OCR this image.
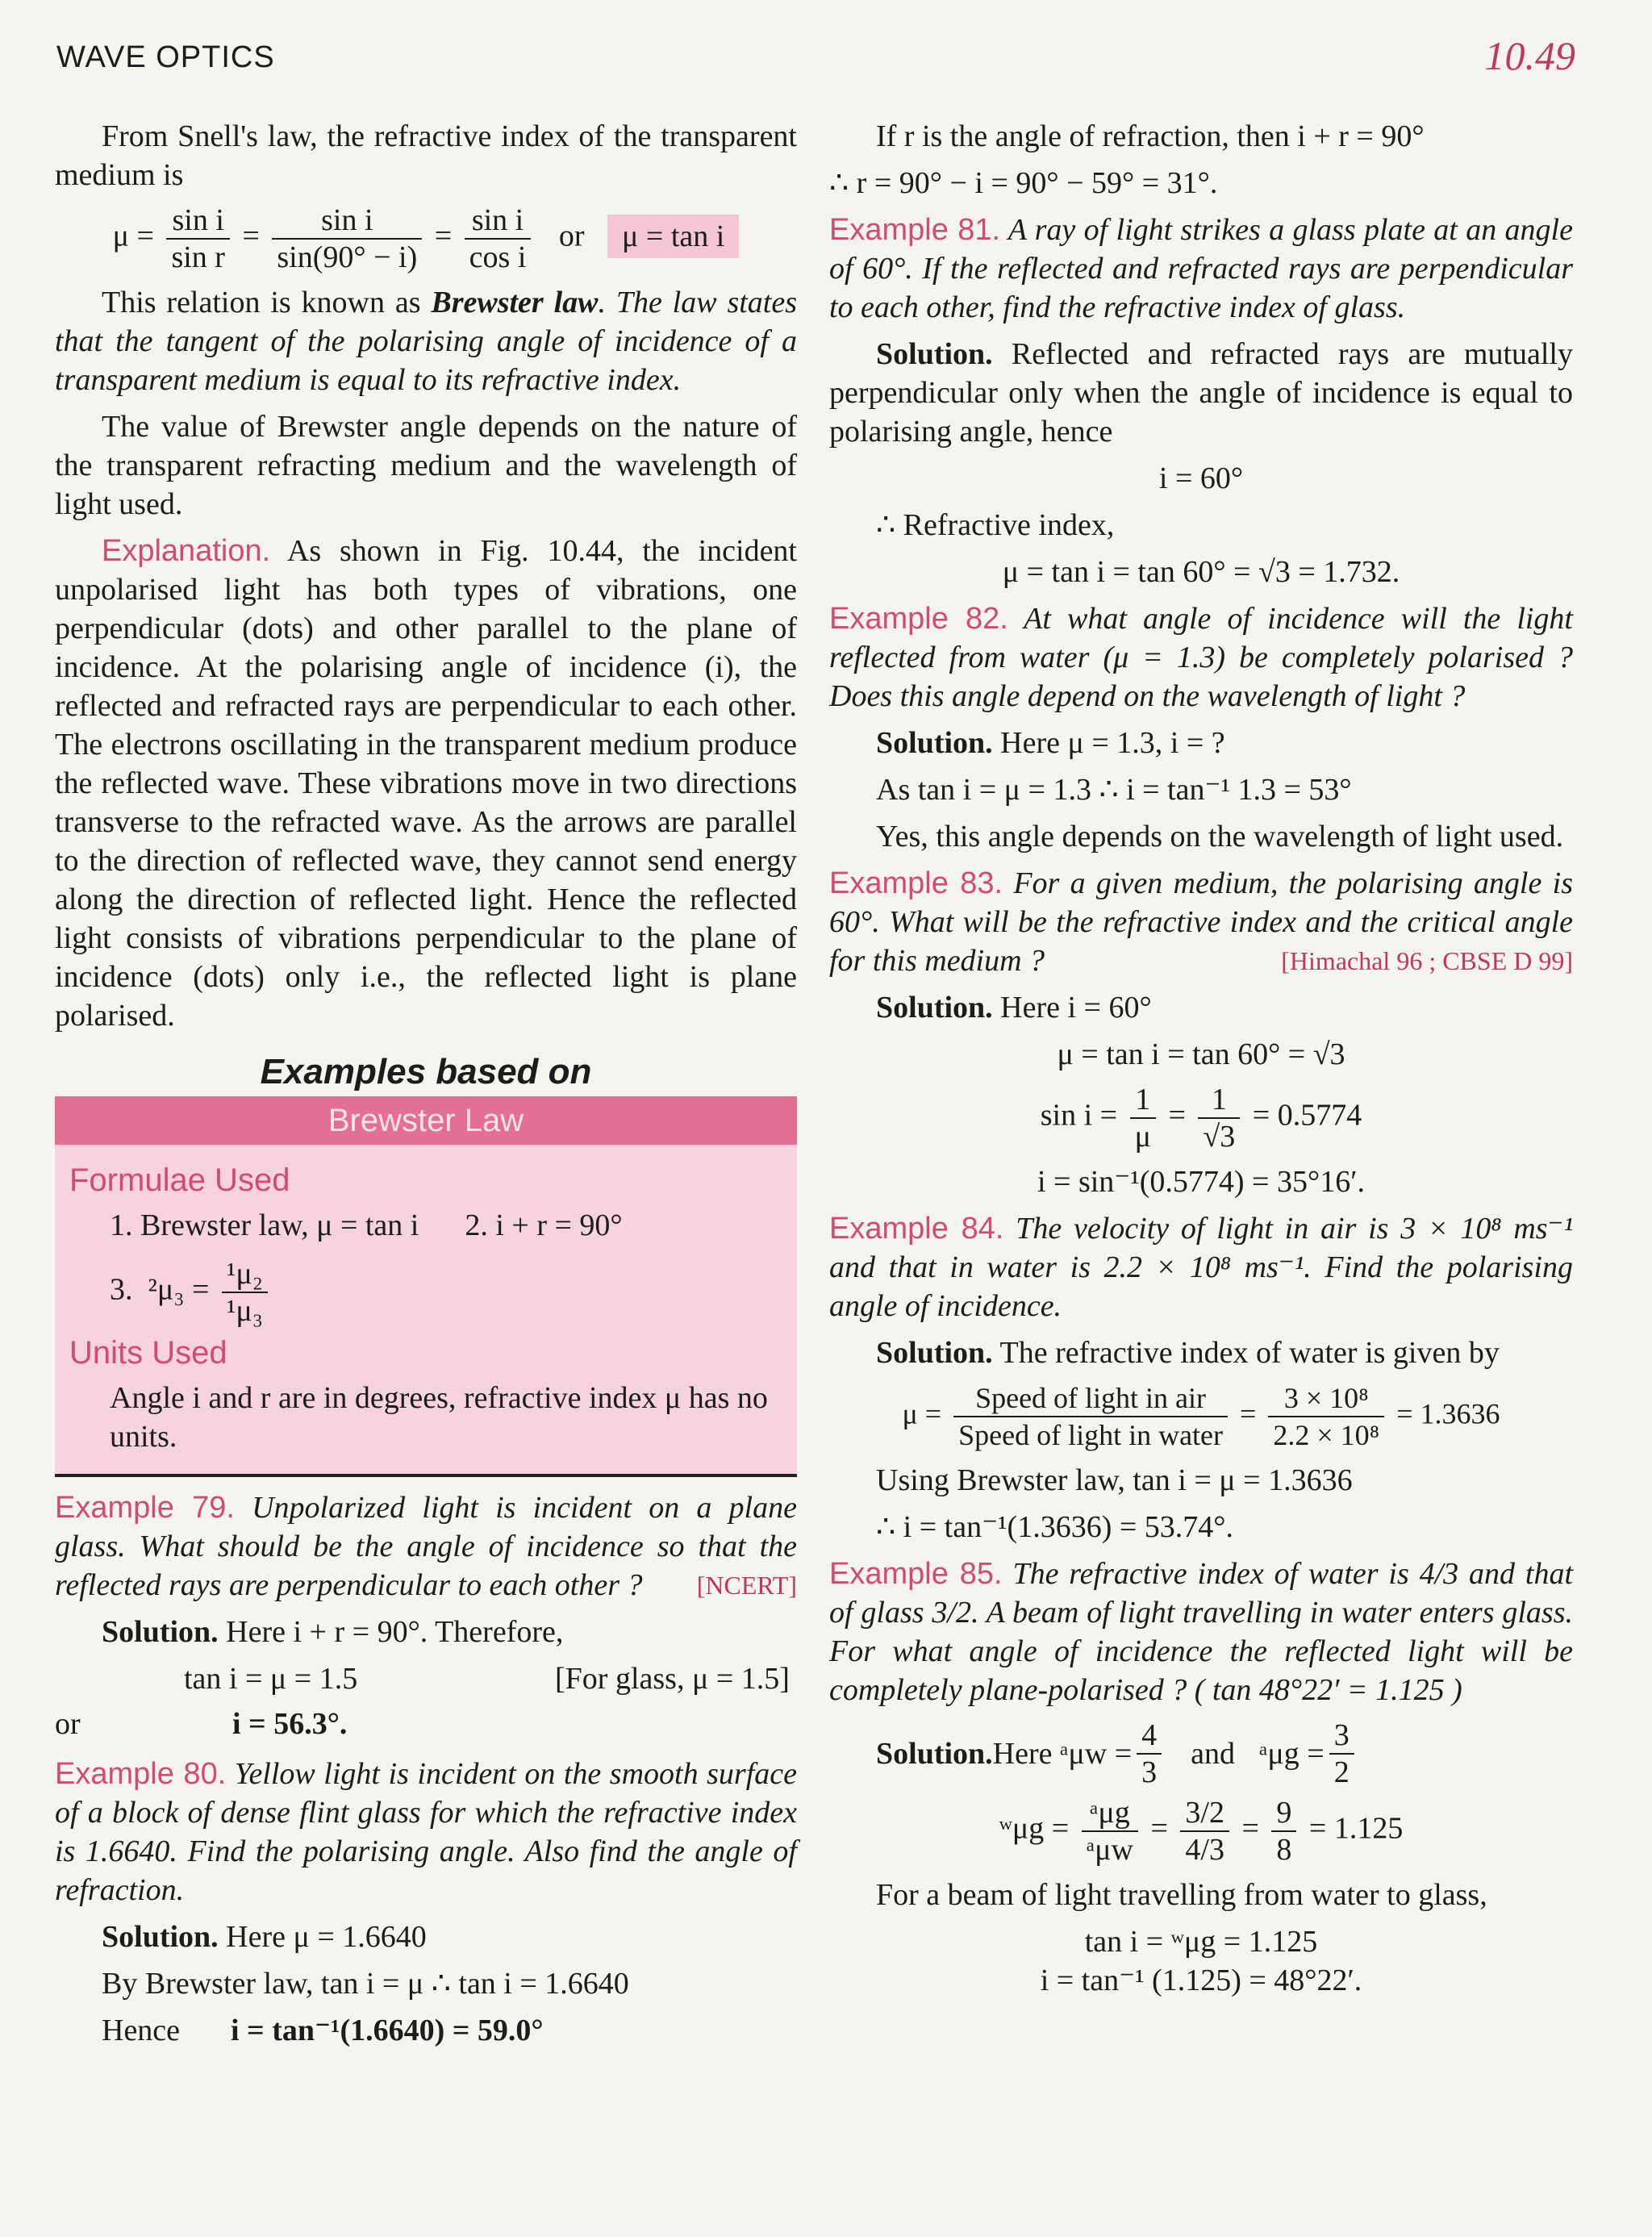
WAVE OPTICS	10.49

From Snell's law, the refractive index of the transparent medium is

$\mu = \frac{\text{sin i}}{\text{sin r}} = \frac{\text{sin i}}{\sin(90^\circ - i)} = \frac{\text{sin i}}{\text{cos i}}$ or μ = tan i

This relation is known as Brewster law. The law states that the tangent of the polarising angle of incidence of a transparent medium is equal to its refractive index.

The value of Brewster angle depends on the nature of the transparent refracting medium and the wavelength of light used.

Explanation. As shown in Fig. 10.44, the incident unpolarised light has both types of vibrations, one perpendicular (dots) and other parallel to the plane of incidence. At the polarising angle of incidence (i), the reflected and refracted rays are perpendicular to each other. The electrons oscillating in the transparent medium produce the reflected wave. These vibrations move in two directions transverse to the refracted wave. As the arrows are parallel to the direction of reflected wave, they cannot send energy along the direction of reflected light. Hence the reflected light consists of vibrations perpendicular to the plane of incidence (dots) only i.e., the reflected light is plane polarised.

Examples based on
Brewster Law
Formulae Used
1. Brewster law, μ = tan i 2. i + r = 90°
3. $^2\mu_3 = \frac{\text{¹μ₂}}{\text{¹μ₃}}$
Units Used
Angle i and r are in degrees, refractive index μ has no units.

Example 79. Unpolarized light is incident on a plane glass. What should be the angle of incidence so that the reflected rays are perpendicular to each other ? [NCERT]

Solution. Here i + r = 90°. Therefore,

tan i = μ = 1.5	[For glass, μ = 1.5]
or	i = 56.3°.

Example 80. Yellow light is incident on the smooth surface of a block of dense flint glass for which the refractive index is 1.6640. Find the polarising angle. Also find the angle of refraction.

Solution. Here μ = 1.6640

By Brewster law, tan i = μ ∴ tan i = 1.6640

Hence	i = tan⁻¹(1.6640) = 59.0°

If r is the angle of refraction, then i + r = 90°

∴ r = 90° − i = 90° − 59° = 31°.

Example 81. A ray of light strikes a glass plate at an angle of 60°. If the reflected and refracted rays are perpendicular to each other, find the refractive index of glass.

Solution. Reflected and refracted rays are mutually perpendicular only when the angle of incidence is equal to polarising angle, hence

i = 60°

∴ Refractive index,

μ = tan i = tan 60° = √3 = 1.732.

Example 82. At what angle of incidence will the light reflected from water (μ = 1.3) be completely polarised ? Does this angle depend on the wavelength of light ?

Solution. Here μ = 1.3, i = ?

As tan i = μ = 1.3 ∴ i = tan⁻¹ 1.3 = 53°

Yes, this angle depends on the wavelength of light used.

Example 83. For a given medium, the polarising angle is 60°. What will be the refractive index and the critical angle for this medium ?	[Himachal 96 ; CBSE D 99]

Solution. Here i = 60°

μ = tan i = tan 60° = √3
$\sin i = \frac{1}{\mu} = \frac{1}{√3} = 0.5774$
i = sin⁻¹(0.5774) = 35°16′.

Example 84. The velocity of light in air is 3 × 10⁸ ms⁻¹ and that in water is 2.2 × 10⁸ ms⁻¹. Find the polarising angle of incidence.

Solution. The refractive index of water is given by

$\mu = \frac{\text{Speed of light in air}}{\text{Speed of light in water}} = \frac{\text{3 × 10⁸}}{\text{2.2 × 10⁸}} = 1.3636$

Using Brewster law, tan i = μ = 1.3636

∴ i = tan⁻¹(1.3636) = 53.74°.

Example 85. The refractive index of water is 4/3 and that of glass 3/2. A beam of light travelling in water enters glass. For what angle of incidence the reflected light will be completely plane-polarised ? ( tan 48°22′ = 1.125 )

Solution. Here ᵃμw = $\frac{4}{3}$ and ᵃμg = $\frac{3}{2}$
ʷμg = $\frac{\text{ᵃμg}}{\text{ᵃμw}} = \frac{3/2}{4/3} = \frac{9}{8} = 1.125$

For a beam of light travelling from water to glass,

tan i = ʷμg = 1.125
i = tan⁻¹ (1.125) = 48°22′.
